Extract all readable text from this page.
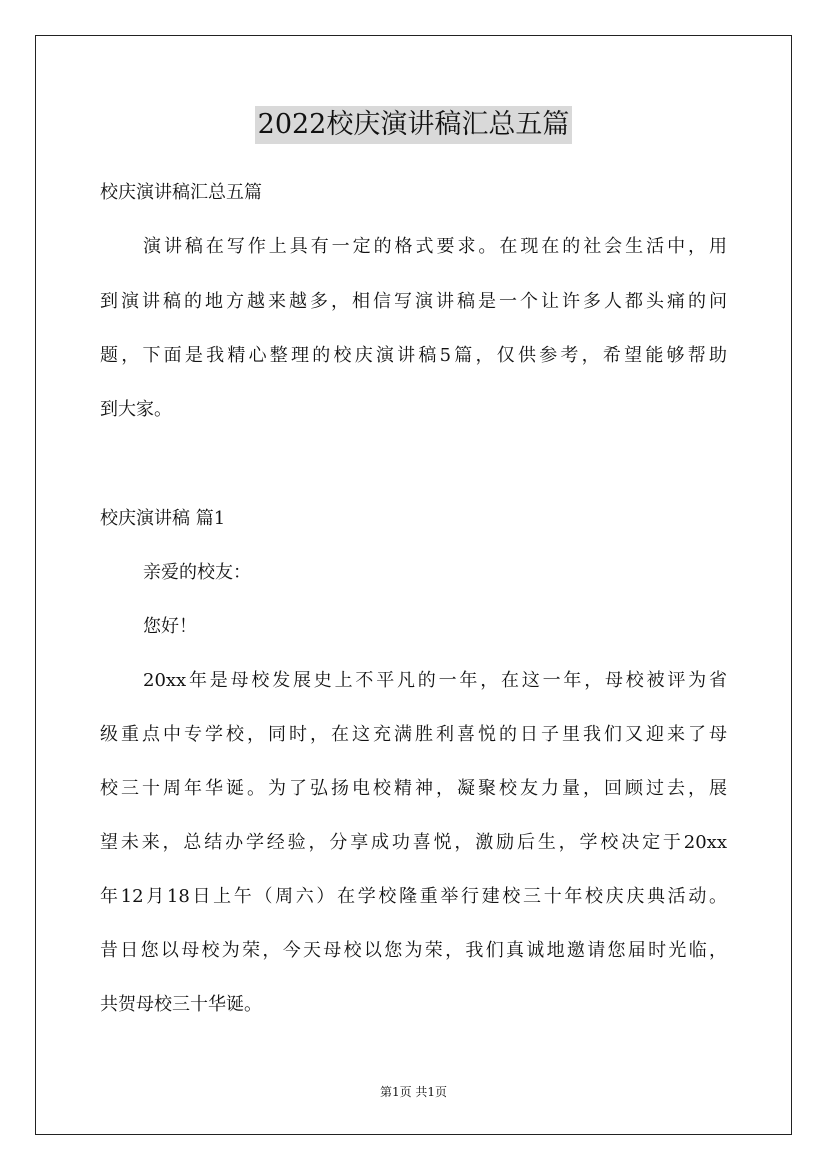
2022校庆演讲稿汇总五篇
校庆演讲稿汇总五篇
演讲稿在写作上具有一定的格式要求。在现在的社会生活中，用
到演讲稿的地方越来越多，相信写演讲稿是一个让许多人都头痛的问
题，下面是我精心整理的校庆演讲稿5篇，仅供参考，希望能够帮助
到大家。
校庆演讲稿 篇1
亲爱的校友：
您好！
20xx年是母校发展史上不平凡的一年，在这一年，母校被评为省
级重点中专学校，同时，在这充满胜利喜悦的日子里我们又迎来了母
校三十周年华诞。为了弘扬电校精神，凝聚校友力量，回顾过去，展
望未来，总结办学经验，分享成功喜悦，激励后生，学校决定于20xx
年12月18日上午（周六）在学校隆重举行建校三十年校庆庆典活动。
昔日您以母校为荣，今天母校以您为荣，我们真诚地邀请您届时光临，
共贺母校三十华诞。
第1页 共1页
